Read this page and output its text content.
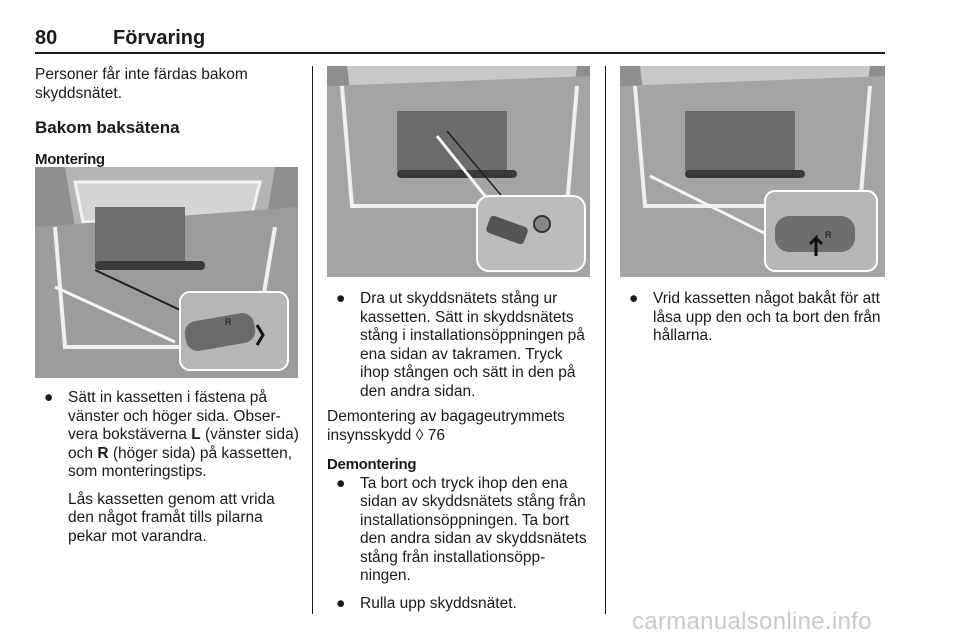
80	Förvaring

Personer får inte färdas bakom skyddsnätet.

Bakom baksätena

Montering

R
● Sätt in kassetten i fästena på
vänster och höger sida. Obser-
vera bokstäverna L (vänster sida)
och R (höger sida) på kassetten,
som monteringstips.

Lås kassetten genom att vrida den något framåt tills pilarna pekar mot varandra.

● Dra ut skyddsnätets stång ur kassetten. Sätt in skyddsnätets stång i installationsöppningen på ena sidan av takramen. Tryck ihop stången och sätt in den på den andra sidan.

Demontering av bagageutrymmets insynsskydd ◊ 76

Demontering

● Ta bort och tryck ihop den ena sidan av skyddsnätets stång från installationsöppningen. Ta bort den andra sidan av skyddsnätets stång från installationsöpp-ningen.

● Rulla upp skyddsnätet.

R
● Vrid kassetten något bakåt för att låsa upp den och ta bort den från hållarna.

carmanualsonline.info
